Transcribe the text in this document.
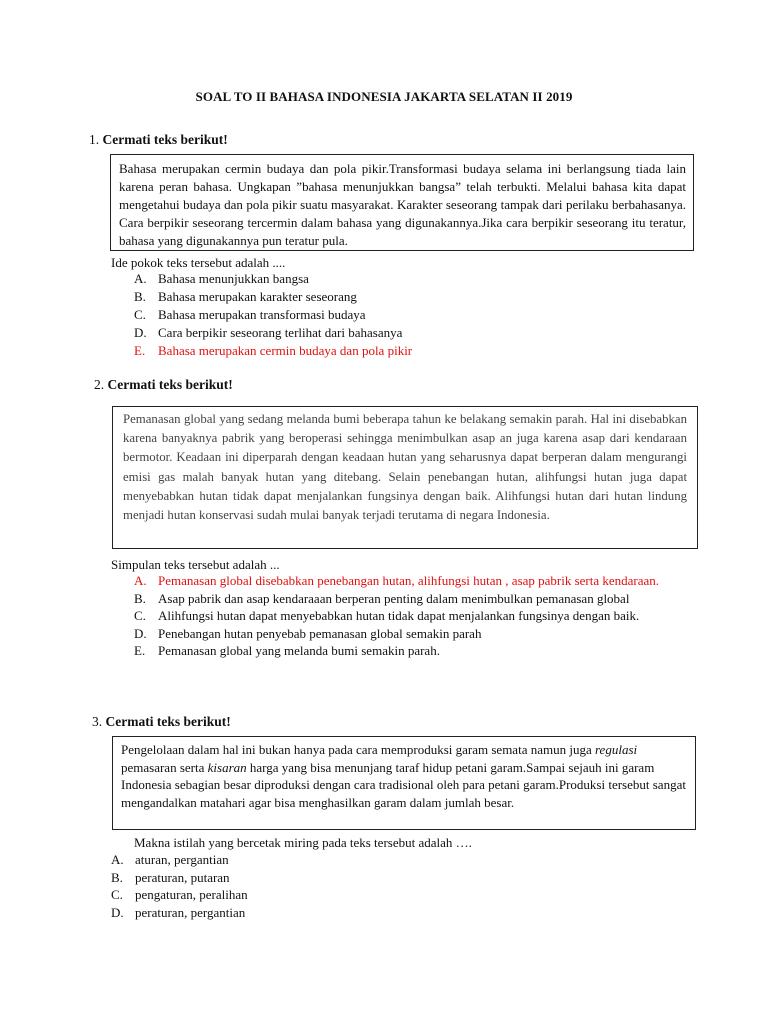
SOAL TO II BAHASA INDONESIA JAKARTA SELATAN II 2019
1. Cermati teks berikut!

Bahasa merupakan cermin budaya dan pola pikir.Transformasi budaya selama ini berlangsung tiada lain karena peran bahasa. Ungkapan ”bahasa menunjukkan bangsa” telah terbukti. Melalui bahasa kita dapat mengetahui budaya dan pola pikir suatu masyarakat. Karakter seseorang tampak dari perilaku berbahasanya. Cara berpikir seseorang tercermin dalam bahasa yang digunakannya.Jika cara berpikir seseorang itu teratur, bahasa yang digunakannya pun teratur pula.

Ide pokok teks tersebut adalah ....
A. Bahasa menunjukkan bangsa
B. Bahasa merupakan karakter seseorang
C. Bahasa merupakan transformasi budaya
D. Cara berpikir seseorang terlihat dari bahasanya
E. Bahasa merupakan cermin budaya dan pola pikir
2. Cermati teks berikut!

Pemanasan global yang sedang melanda bumi beberapa tahun ke belakang semakin parah. Hal ini disebabkan karena banyaknya pabrik yang beroperasi sehingga menimbulkan asap an juga karena asap dari kendaraan bermotor. Keadaan ini diperparah dengan keadaan hutan yang seharusnya dapat berperan dalam mengurangi emisi gas malah banyak hutan yang ditebang. Selain penebangan hutan, alihfungsi hutan juga dapat menyebabkan hutan tidak dapat menjalankan fungsinya dengan baik. Alihfungsi hutan dari hutan lindung menjadi hutan konservasi sudah mulai banyak terjadi terutama di negara Indonesia.

Simpulan teks tersebut adalah ...
A. Pemanasan global disebabkan penebangan hutan, alihfungsi hutan , asap pabrik serta kendaraan.
B. Asap pabrik dan asap kendaraaan berperan penting dalam menimbulkan pemanasan global
C. Alihfungsi hutan dapat menyebabkan hutan tidak dapat menjalankan fungsinya dengan baik.
D. Penebangan hutan penyebab pemanasan global semakin parah
E. Pemanasan global yang melanda bumi semakin parah.
3. Cermati teks berikut!

Pengelolaan dalam hal ini bukan hanya pada cara memproduksi garam semata namun juga regulasi pemasaran serta kisaran harga yang bisa menunjang taraf hidup petani garam.Sampai sejauh ini garam Indonesia sebagian besar diproduksi dengan cara tradisional oleh para petani garam.Produksi tersebut sangat mengandalkan matahari agar bisa menghasilkan garam dalam jumlah besar.

Makna istilah yang bercetak miring pada teks tersebut adalah ….
A. aturan, pergantian
B. peraturan, putaran
C. pengaturan, peralihan
D. peraturan, pergantian
